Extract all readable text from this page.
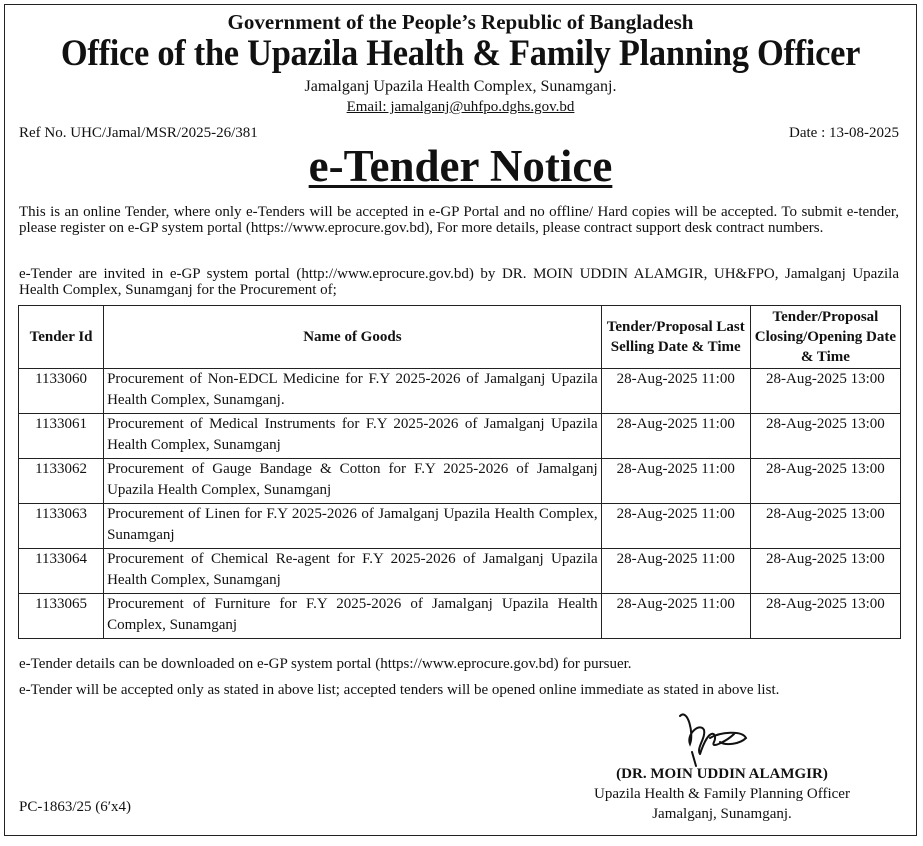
Government of the People’s Republic of Bangladesh
Office of the Upazila Health & Family Planning Officer
Jamalganj Upazila Health Complex, Sunamganj.
Email: jamalganj@uhfpo.dghs.gov.bd
Ref No. UHC/Jamal/MSR/2025-26/381	Date : 13-08-2025
e-Tender Notice
This is an online Tender, where only e-Tenders will be accepted in e-GP Portal and no offline/ Hard copies will be accepted. To submit e-tender, please register on e-GP system portal (https://www.eprocure.gov.bd), For more details, please contract support desk contract numbers.
e-Tender are invited in e-GP system portal (http://www.eprocure.gov.bd) by DR. MOIN UDDIN ALAMGIR, UH&FPO, Jamalganj Upazila Health Complex, Sunamganj for the Procurement of;
Tender Id	Name of Goods	Tender/Proposal Last Selling Date & Time	Tender/Proposal Closing/Opening Date & Time
1133060	Procurement of Non-EDCL Medicine for F.Y 2025-2026 of Jamalganj Upazila Health Complex, Sunamganj.	28-Aug-2025 11:00	28-Aug-2025 13:00
1133061	Procurement of Medical Instruments for F.Y 2025-2026 of Jamalganj Upazila Health Complex, Sunamganj	28-Aug-2025 11:00	28-Aug-2025 13:00
1133062	Procurement of Gauge Bandage & Cotton for F.Y 2025-2026 of Jamalganj Upazila Health Complex, Sunamganj	28-Aug-2025 11:00	28-Aug-2025 13:00
1133063	Procurement of Linen for F.Y 2025-2026 of Jamalganj Upazila Health Complex, Sunamganj	28-Aug-2025 11:00	28-Aug-2025 13:00
1133064	Procurement of Chemical Re-agent for F.Y 2025-2026 of Jamalganj Upazila Health Complex, Sunamganj	28-Aug-2025 11:00	28-Aug-2025 13:00
1133065	Procurement of Furniture for F.Y 2025-2026 of Jamalganj Upazila Health Complex, Sunamganj	28-Aug-2025 11:00	28-Aug-2025 13:00
e-Tender details can be downloaded on e-GP system portal (https://www.eprocure.gov.bd) for pursuer.
e-Tender will be accepted only as stated in above list; accepted tenders will be opened online immediate as stated in above list.
(DR. MOIN UDDIN ALAMGIR)
Upazila Health & Family Planning Officer
Jamalganj, Sunamganj.
PC-1863/25 (6ʹx4)
